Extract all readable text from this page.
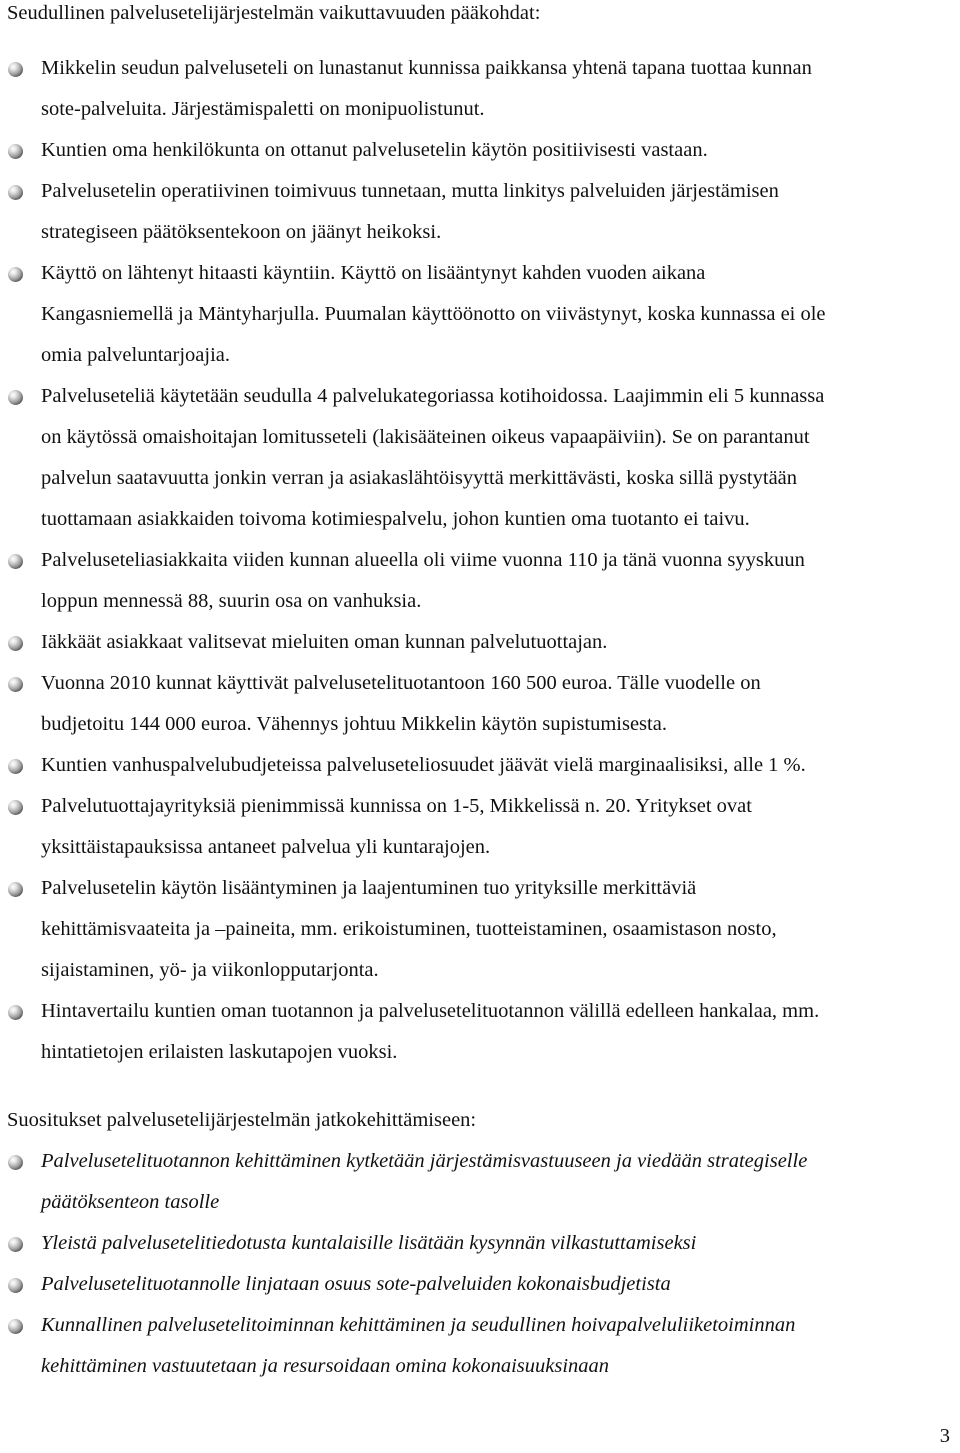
Seudullinen palvelusetelijärjestelmän vaikuttavuuden pääkohdat:
Mikkelin seudun palveluseteli on lunastanut kunnissa paikkansa yhtenä tapana tuottaa kunnan
sote-palveluita. Järjestämispaletti on monipuolistunut.
Kuntien oma henkilökunta on ottanut palvelusetelin käytön positiivisesti vastaan.
Palvelusetelin operatiivinen toimivuus tunnetaan, mutta linkitys palveluiden järjestämisen
strategiseen päätöksentekoon on jäänyt heikoksi.
Käyttö on lähtenyt hitaasti käyntiin. Käyttö on lisääntynyt kahden vuoden aikana
Kangasniemellä ja Mäntyharjulla. Puumalan käyttöönotto on viivästynyt, koska kunnassa ei ole
omia palveluntarjoajia.
Palveluseteliä käytetään seudulla 4 palvelukategoriassa kotihoidossa. Laajimmin eli 5 kunnassa
on käytössä omaishoitajan lomitusseteli (lakisääteinen oikeus vapaapäiviin). Se on parantanut
palvelun saatavuutta jonkin verran ja asiakaslähtöisyyttä merkittävästi, koska sillä pystytään
tuottamaan asiakkaiden toivoma kotimiespalvelu, johon kuntien oma tuotanto ei taivu.
Palveluseteliasiakkaita viiden kunnan alueella oli viime vuonna 110 ja tänä vuonna syyskuun
loppun mennessä 88, suurin osa on vanhuksia.
Iäkkäät asiakkaat valitsevat mieluiten oman kunnan palvelutuottajan.
Vuonna 2010 kunnat käyttivät palvelusetelituotantoon 160 500 euroa. Tälle vuodelle on
budjetoitu 144 000 euroa. Vähennys johtuu Mikkelin käytön supistumisesta.
Kuntien vanhuspalvelubudjeteissa palveluseteliosuudet jäävät vielä marginaalisiksi, alle 1 %.
Palvelutuottajayrityksiä pienimmissä kunnissa on 1-5, Mikkelissä n. 20. Yritykset ovat
yksittäistapauksissa antaneet palvelua yli kuntarajojen.
Palvelusetelin käytön lisääntyminen ja laajentuminen tuo yrityksille merkittäviä
kehittämisvaateita ja –paineita, mm. erikoistuminen, tuotteistaminen, osaamistason nosto,
sijaistaminen, yö- ja viikonlopputarjonta.
Hintavertailu kuntien oman tuotannon ja palvelusetelituotannon välillä edelleen hankalaa, mm.
hintatietojen erilaisten laskutapojen vuoksi.
Suositukset palvelusetelijärjestelmän jatkokehittämiseen:
Palvelusetelituotannon kehittäminen kytketään järjestämisvastuuseen ja viedään strategiselle
päätöksenteon tasolle
Yleistä palvelusetelitiedotusta kuntalaisille lisätään kysynnän vilkastuttamiseksi
Palvelusetelituotannolle linjataan osuus sote-palveluiden kokonaisbudjetista
Kunnallinen palvelusetelitoiminnan kehittäminen ja seudullinen hoivapalveluliiketoiminnan
kehittäminen vastuutetaan ja resursoidaan omina kokonaisuuksinaan

3
